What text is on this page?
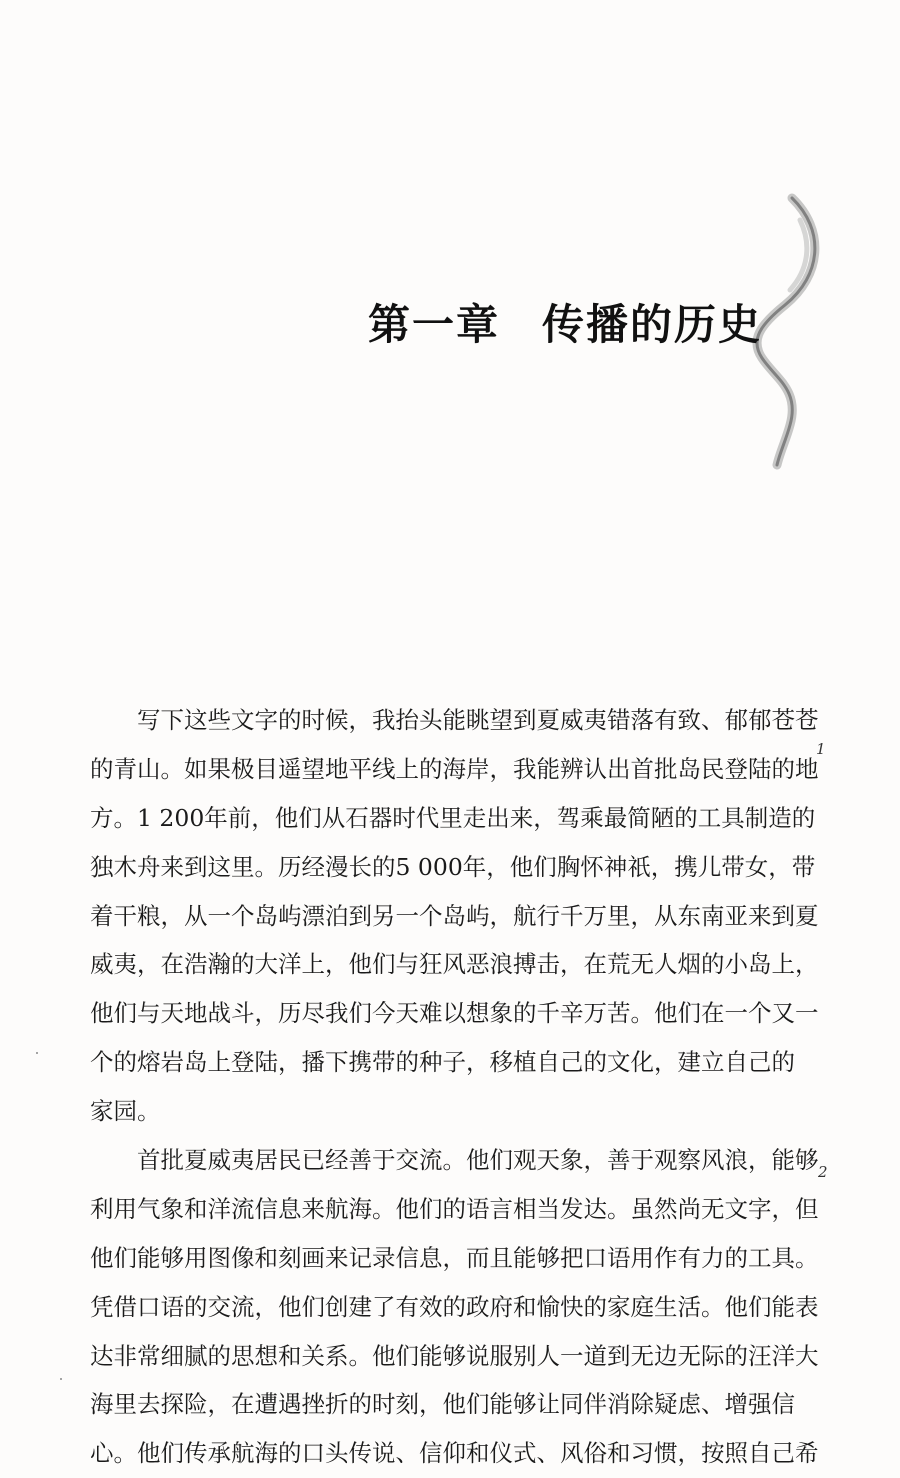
第一章 传播的历史
　　写下这些文字的时候，我抬头能眺望到夏威夷错落有致、郁郁苍苍
的青山。如果极目遥望地平线上的海岸，我能辨认出首批岛民登陆的地
方。1 200年前，他们从石器时代里走出来，驾乘最简陋的工具制造的
独木舟来到这里。历经漫长的5 000年，他们胸怀神祇，携儿带女，带
着干粮，从一个岛屿漂泊到另一个岛屿，航行千万里，从东南亚来到夏
威夷，在浩瀚的大洋上，他们与狂风恶浪搏击，在荒无人烟的小岛上，
他们与天地战斗，历尽我们今天难以想象的千辛万苦。他们在一个又一
个的熔岩岛上登陆，播下携带的种子，移植自己的文化，建立自己的
家园。
　　首批夏威夷居民已经善于交流。他们观天象，善于观察风浪，能够
利用气象和洋流信息来航海。他们的语言相当发达。虽然尚无文字，但
他们能够用图像和刻画来记录信息，而且能够把口语用作有力的工具。
凭借口语的交流，他们创建了有效的政府和愉快的家庭生活。他们能表
达非常细腻的思想和关系。他们能够说服别人一道到无边无际的汪洋大
海里去探险，在遭遇挫折的时刻，他们能够让同伴消除疑虑、增强信
心。他们传承航海的口头传说、信仰和仪式、风俗和习惯，按照自己希
1
2
